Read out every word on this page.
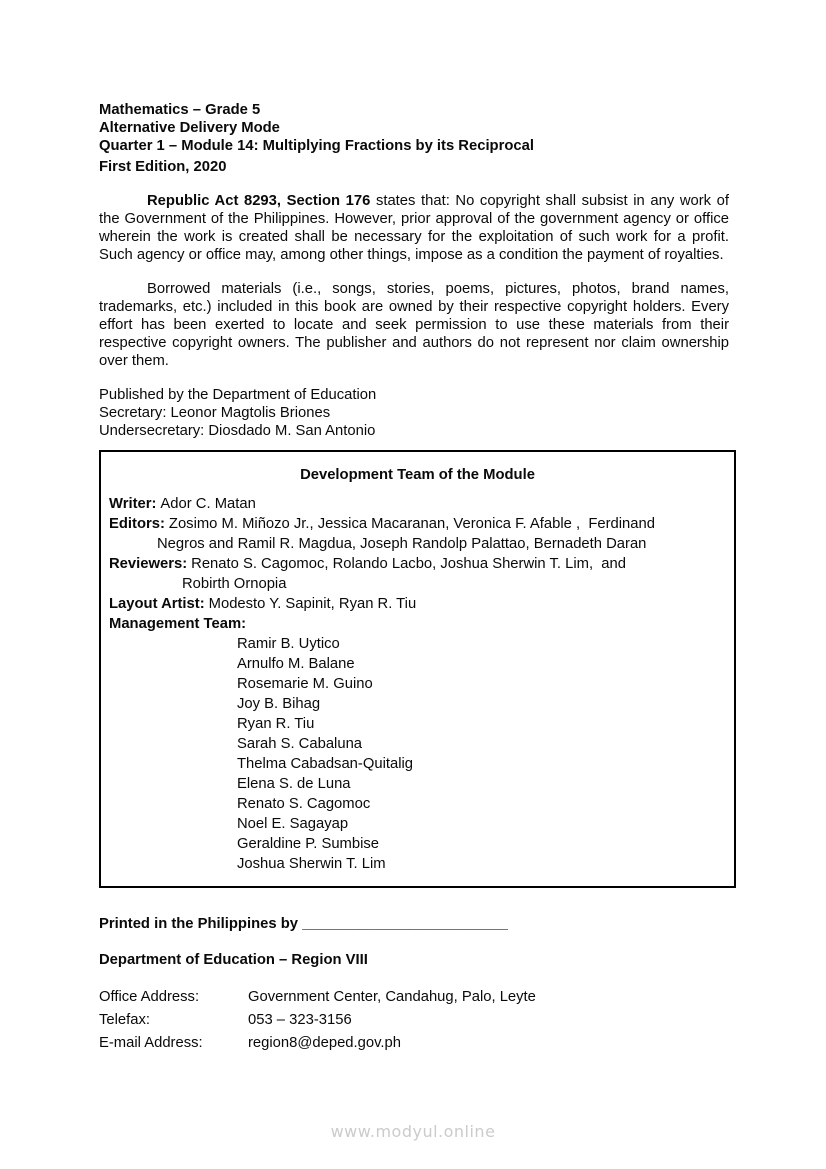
Mathematics – Grade 5
Alternative Delivery Mode
Quarter 1 – Module 14: Multiplying Fractions by its Reciprocal
First Edition, 2020

Republic Act 8293, Section 176 states that: No copyright shall subsist in any work of the Government of the Philippines. However, prior approval of the government agency or office wherein the work is created shall be necessary for the exploitation of such work for a profit. Such agency or office may, among other things, impose as a condition the payment of royalties.

Borrowed materials (i.e., songs, stories, poems, pictures, photos, brand names, trademarks, etc.) included in this book are owned by their respective copyright holders. Every effort has been exerted to locate and seek permission to use these materials from their respective copyright owners. The publisher and authors do not represent nor claim ownership over them.

Published by the Department of Education
Secretary: Leonor Magtolis Briones
Undersecretary: Diosdado M. San Antonio
Development Team of the Module
Writer: Ador C. Matan
Editors: Zosimo M. Miñozo Jr., Jessica Macaranan, Veronica F. Afable ,  Ferdinand
Negros and Ramil R. Magdua, Joseph Randolp Palattao, Bernadeth Daran
Reviewers: Renato S. Cagomoc, Rolando Lacbo, Joshua Sherwin T. Lim,  and
Robirth Ornopia
Layout Artist: Modesto Y. Sapinit, Ryan R. Tiu
Management Team:
Ramir B. Uytico
Arnulfo M. Balane
Rosemarie M. Guino
Joy B. Bihag
Ryan R. Tiu
Sarah S. Cabaluna
Thelma Cabadsan-Quitalig
Elena S. de Luna
Renato S. Cagomoc
Noel E. Sagayap
Geraldine P. Sumbise
Joshua Sherwin T. Lim
Printed in the Philippines by _________________________
Department of Education – Region VIII
Office Address:	Government Center, Candahug, Palo, Leyte
Telefax:	053 – 323-3156
E-mail Address:	region8@deped.gov.ph
www.modyul.online
